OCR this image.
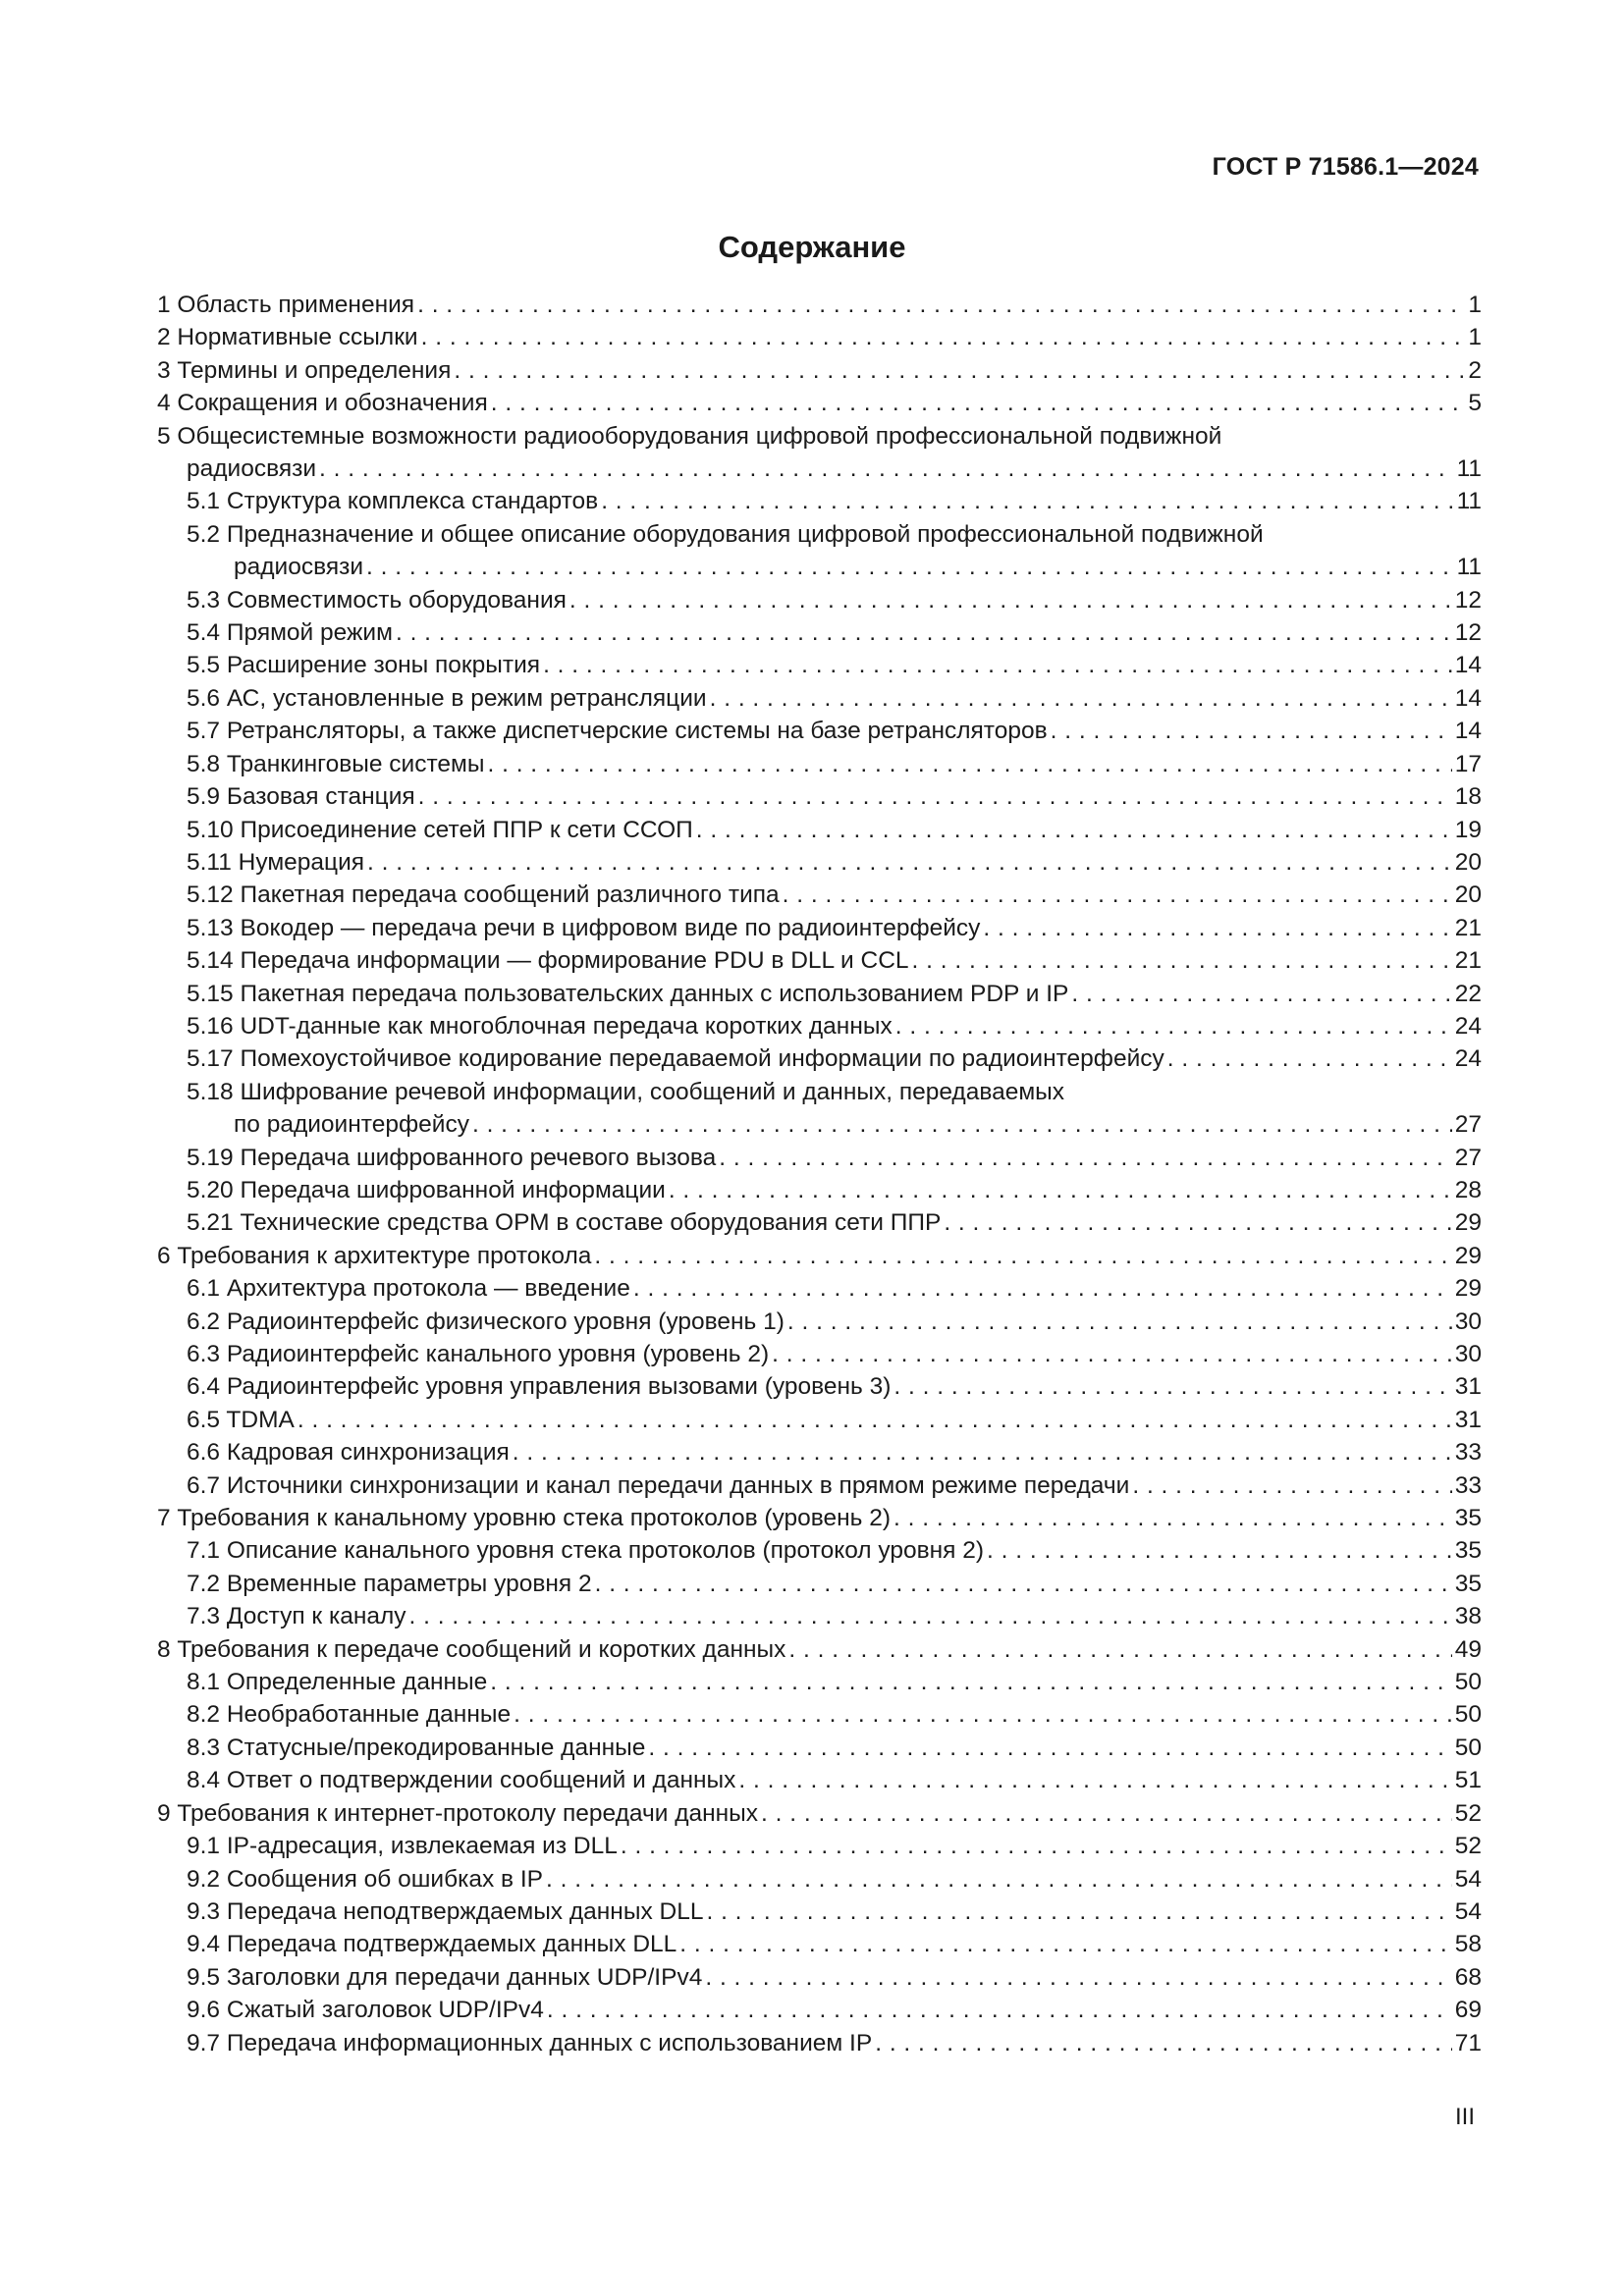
ГОСТ Р 71586.1—2024
Содержание
1 Область применения . . .	1
2 Нормативные ссылки . . .	1
3 Термины и определения . . .	2
4 Сокращения и обозначения . . .	5
5 Общесистемные возможности радиооборудования цифровой профессиональной подвижной
радиосвязи . . .	11
5.1 Структура комплекса стандартов . . .	11
5.2 Предназначение и общее описание оборудования цифровой профессиональной подвижной
радиосвязи . . .	11
5.3 Совместимость оборудования . . .	12
5.4 Прямой режим . . .	12
5.5 Расширение зоны покрытия . . .	14
5.6 АС, установленные в режим ретрансляции . . .	14
5.7 Ретрансляторы, а также диспетчерские системы на базе ретрансляторов . . .	14
5.8 Транкинговые системы . . .	17
5.9 Базовая станция . . .	18
5.10 Присоединение сетей ППР к сети ССОП . . .	19
5.11 Нумерация . . .	20
5.12 Пакетная передача сообщений различного типа . . .	20
5.13 Вокодер — передача речи в цифровом виде по радиоинтерфейсу . . .	21
5.14 Передача информации — формирование PDU в DLL и CCL . . .	21
5.15 Пакетная передача пользовательских данных с использованием PDP и IP . . .	22
5.16 UDT-данные как многоблочная передача коротких данных . . .	24
5.17 Помехоустойчивое кодирование передаваемой информации по радиоинтерфейсу . . .	24
5.18 Шифрование речевой информации, сообщений и данных, передаваемых
по радиоинтерфейсу . . .	27
5.19 Передача шифрованного речевого вызова . . .	27
5.20 Передача шифрованной информации . . .	28
5.21 Технические средства ОРМ в составе оборудования сети ППР . . .	29
6 Требования к архитектуре протокола . . .	29
6.1 Архитектура протокола — введение . . .	29
6.2 Радиоинтерфейс физического уровня (уровень 1) . . .	30
6.3 Радиоинтерфейс канального уровня (уровень 2) . . .	30
6.4 Радиоинтерфейс уровня управления вызовами (уровень 3) . . .	31
6.5 TDMA . . .	31
6.6 Кадровая синхронизация . . .	33
6.7 Источники синхронизации и канал передачи данных в прямом режиме передачи . . .	33
7 Требования к канальному уровню стека протоколов (уровень 2) . . .	35
7.1 Описание канального уровня стека протоколов (протокол уровня 2) . . .	35
7.2 Временные параметры уровня 2 . . .	35
7.3 Доступ к каналу . . .	38
8 Требования к передаче сообщений и коротких данных . . .	49
8.1 Определенные данные . . .	50
8.2 Необработанные данные . . .	50
8.3 Статусные/прекодированные данные . . .	50
8.4 Ответ о подтверждении сообщений и данных . . .	51
9 Требования к интернет-протоколу передачи данных . . .	52
9.1 IP-адресация, извлекаемая из DLL . . .	52
9.2 Сообщения об ошибках в IP . . .	54
9.3 Передача неподтверждаемых данных DLL . . .	54
9.4 Передача подтверждаемых данных DLL . . .	58
9.5 Заголовки для передачи данных UDP/IPv4 . . .	68
9.6 Сжатый заголовок UDP/IPv4 . . .	69
9.7 Передача информационных данных с использованием IP . . .	71
III
